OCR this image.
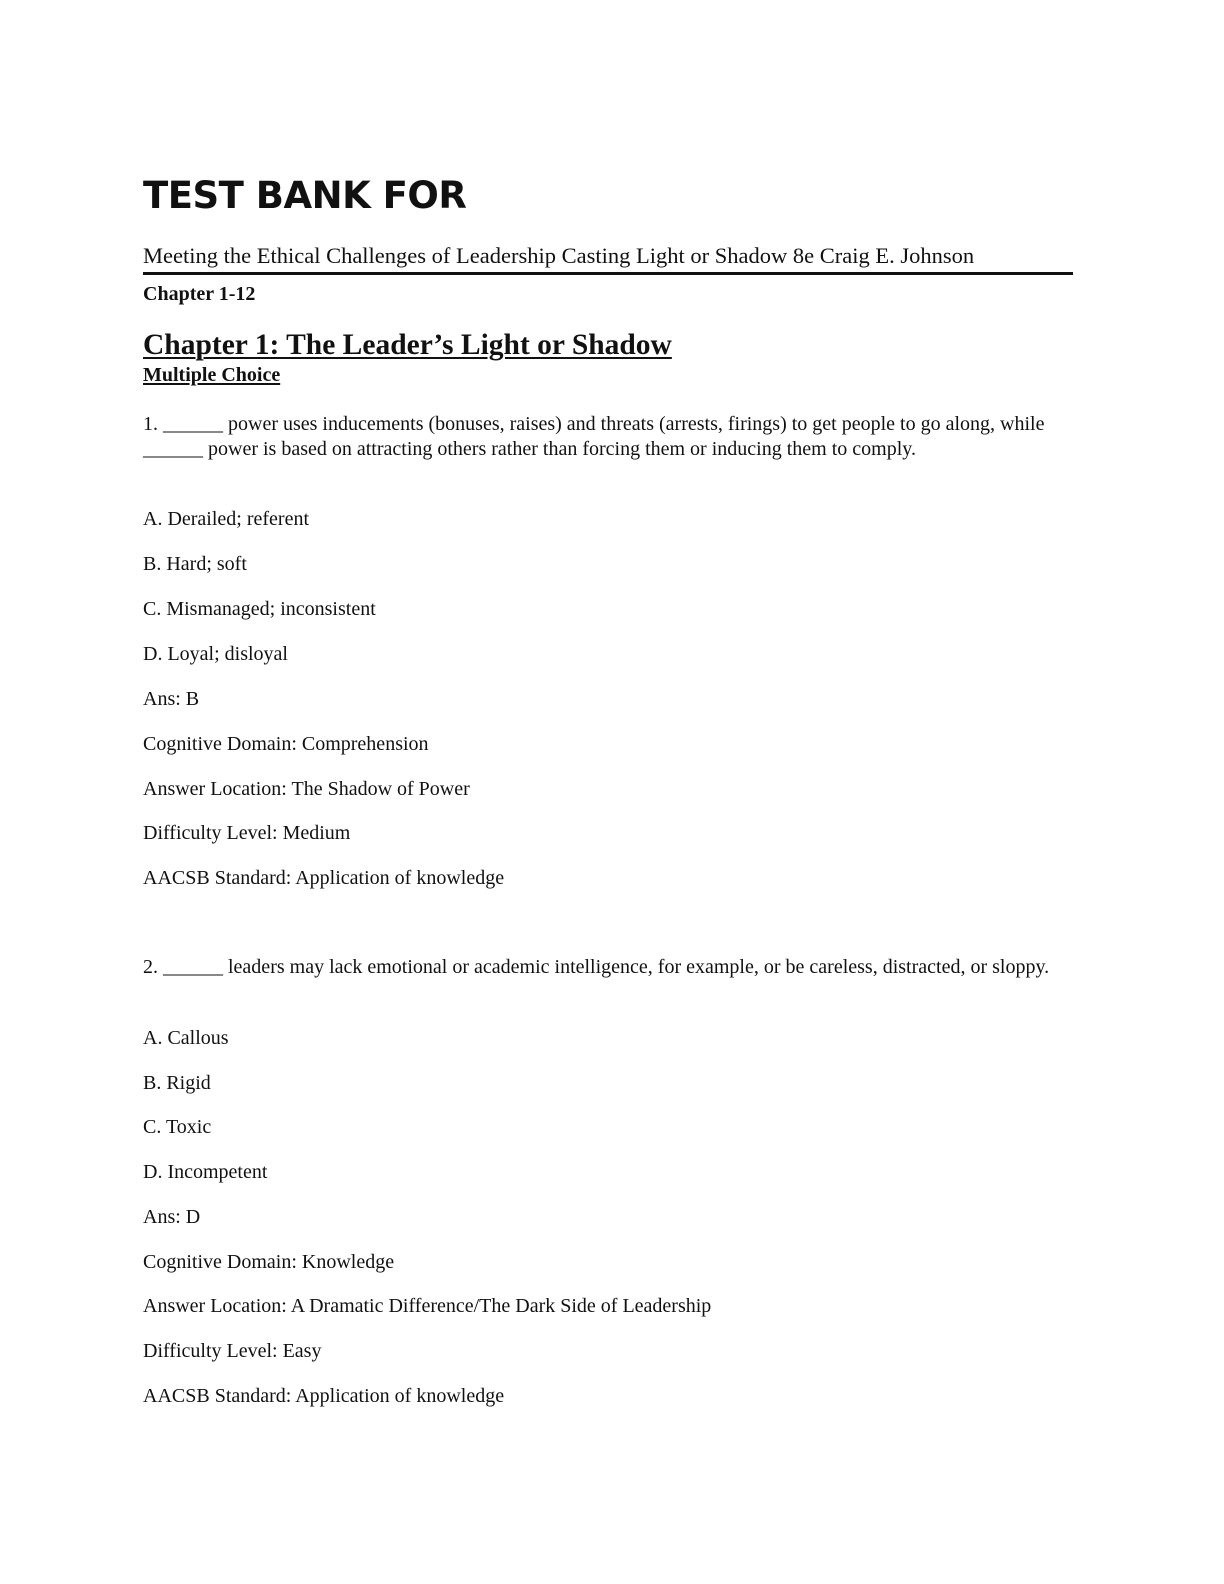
TEST BANK FOR
Meeting the Ethical Challenges of Leadership Casting Light or Shadow 8e Craig E. Johnson
Chapter 1-12
Chapter 1: The Leader’s Light or Shadow
Multiple Choice

1. ______ power uses inducements (bonuses, raises) and threats (arrests, firings) to get people to go along, while ______ power is based on attracting others rather than forcing them or inducing them to comply.

A. Derailed; referent

B. Hard; soft

C. Mismanaged; inconsistent

D. Loyal; disloyal

Ans: B

Cognitive Domain: Comprehension

Answer Location: The Shadow of Power

Difficulty Level: Medium

AACSB Standard: Application of knowledge

2. ______ leaders may lack emotional or academic intelligence, for example, or be careless, distracted, or sloppy.

A. Callous

B. Rigid

C. Toxic

D. Incompetent

Ans: D

Cognitive Domain: Knowledge

Answer Location: A Dramatic Difference/The Dark Side of Leadership

Difficulty Level: Easy

AACSB Standard: Application of knowledge
